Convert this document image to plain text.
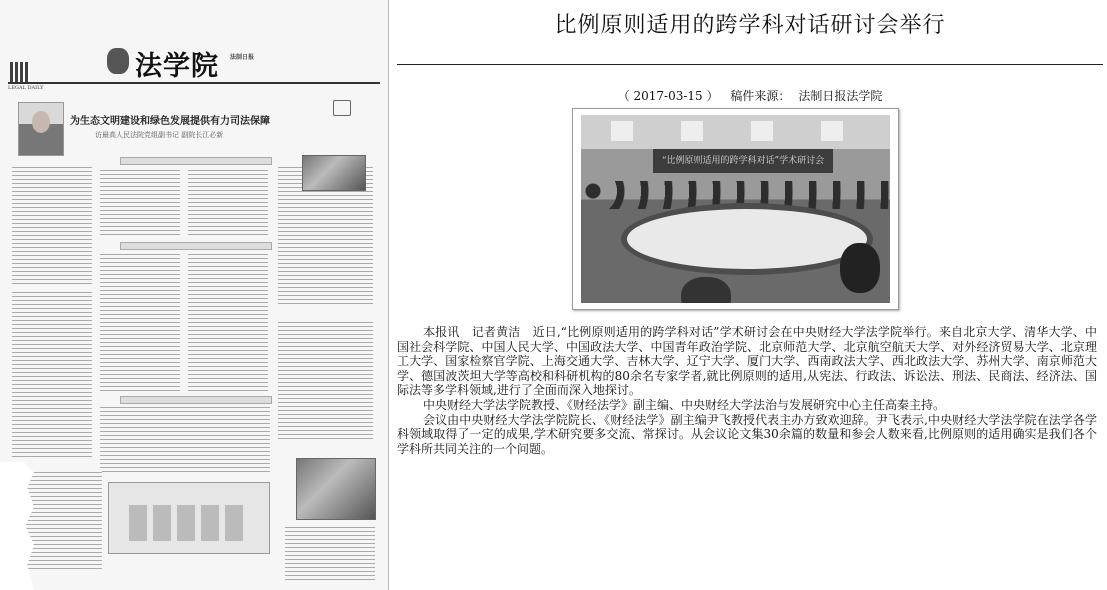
LEGAL DAILY
法学院 法制日报
为生态文明建设和绿色发展提供有力司法保障
访最高人民法院党组副书记 副院长江必新
比例原则适用的跨学科对话研讨会举行
（ 2017-03-15 ） 稿件来源： 法制日报法学院
“比例原则适用的跨学科对话”学术研讨会

本报讯　记者黄洁　近日,“比例原则适用的跨学科对话”学术研讨会在中央财经大学法学院举行。来自北京大学、清华大学、中国社会科学院、中国人民大学、中国政法大学、中国青年政治学院、北京师范大学、北京航空航天大学、对外经济贸易大学、北京理工大学、国家检察官学院、上海交通大学、吉林大学、辽宁大学、厦门大学、西南政法大学、西北政法大学、苏州大学、南京师范大学、德国波茨坦大学等高校和科研机构的80余名专家学者,就比例原则的适用,从宪法、行政法、诉讼法、刑法、民商法、经济法、国际法等多学科领域,进行了全面而深入地探讨。

中央财经大学法学院教授、《财经法学》副主编、中央财经大学法治与发展研究中心主任高秦主持。

会议由中央财经大学法学院院长、《财经法学》副主编尹飞教授代表主办方致欢迎辞。尹飞表示,中央财经大学法学院在法学各学科领域取得了一定的成果,学术研究要多交流、常探讨。从会议论文集30余篇的数量和参会人数来看,比例原则的适用确实是我们各个学科所共同关注的一个问题。
